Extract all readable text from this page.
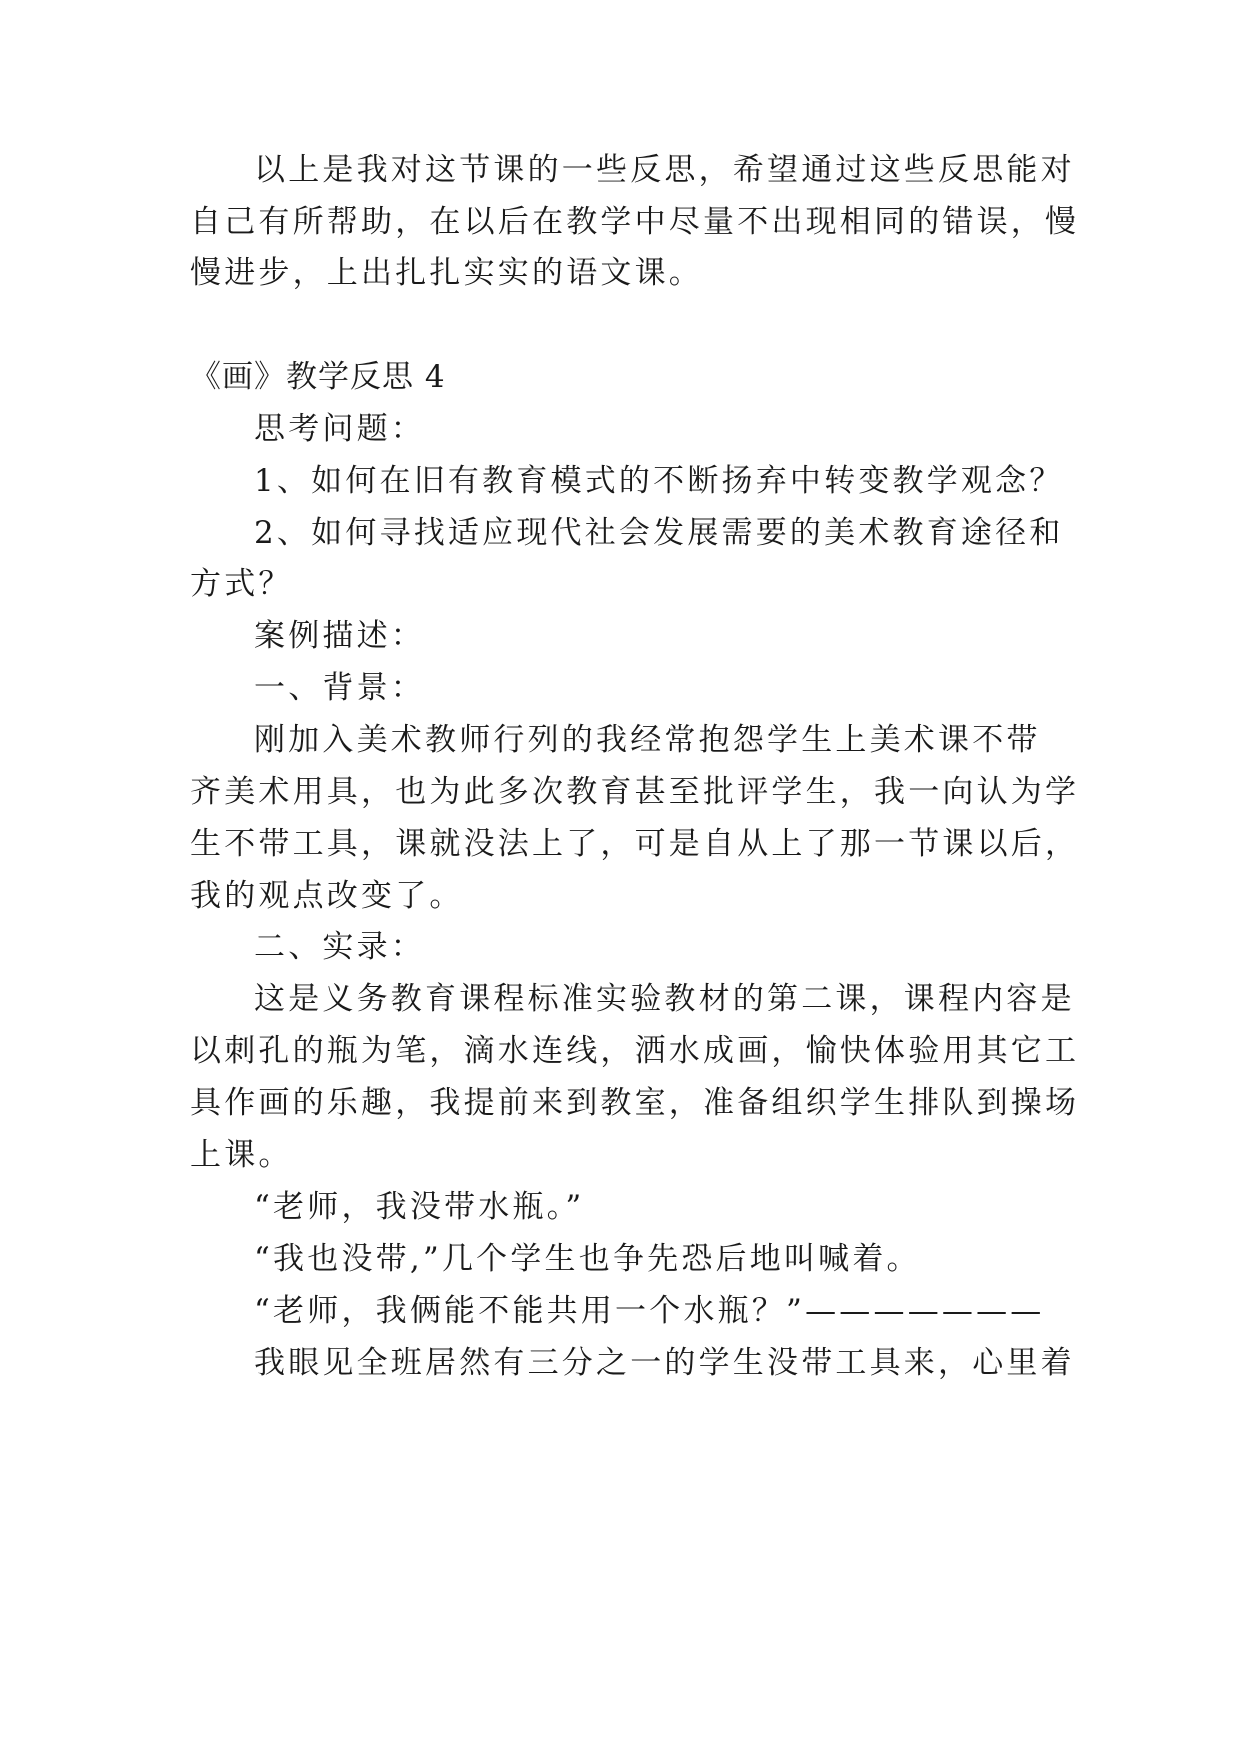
以上是我对这节课的一些反思，希望通过这些反思能对
自己有所帮助，在以后在教学中尽量不出现相同的错误，慢
慢进步，上出扎扎实实的语文课。
《画》教学反思 4
思考问题：
1、如何在旧有教育模式的不断扬弃中转变教学观念？
2、如何寻找适应现代社会发展需要的美术教育途径和
方式？
案例描述：
一、背景：
刚加入美术教师行列的我经常抱怨学生上美术课不带
齐美术用具，也为此多次教育甚至批评学生，我一向认为学
生不带工具，课就没法上了，可是自从上了那一节课以后，
我的观点改变了。
二、实录：
这是义务教育课程标准实验教材的第二课，课程内容是
以刺孔的瓶为笔，滴水连线，洒水成画，愉快体验用其它工
具作画的乐趣，我提前来到教室，准备组织学生排队到操场
上课。
“老师，我没带水瓶。”
“我也没带,”几个学生也争先恐后地叫喊着。
“老师，我俩能不能共用一个水瓶？”———————
我眼见全班居然有三分之一的学生没带工具来，心里着
